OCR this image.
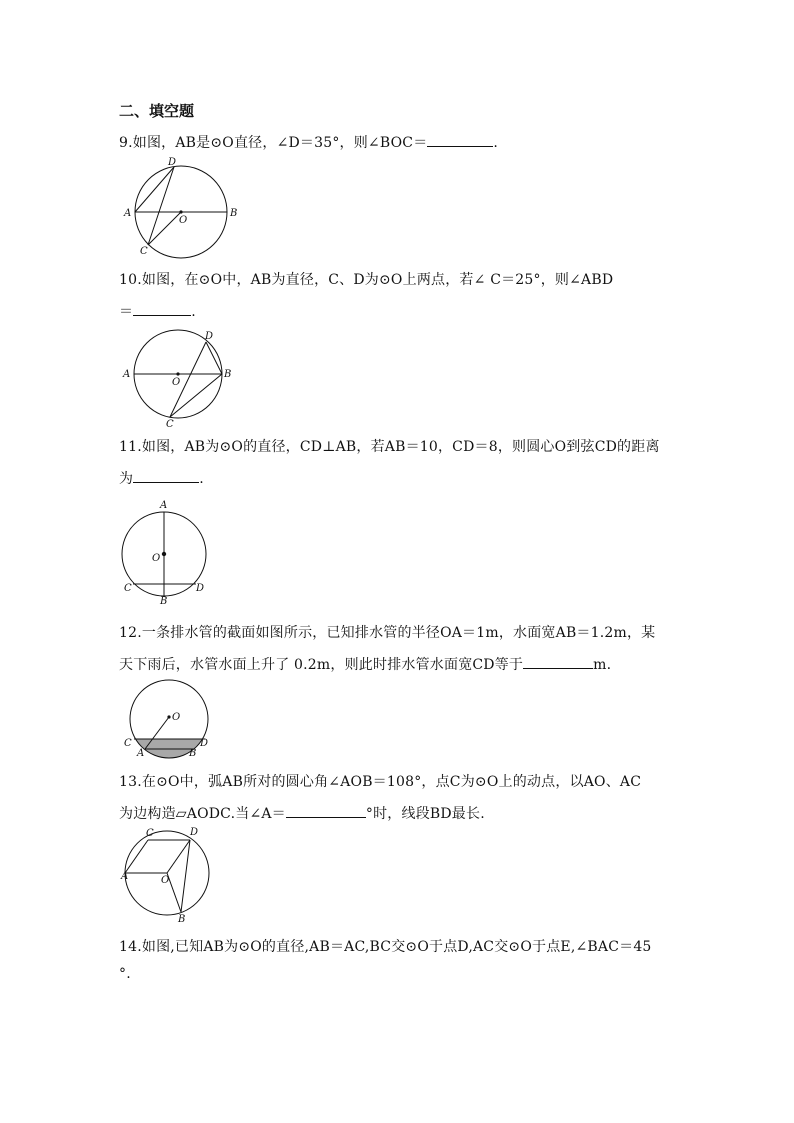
二、填空题
9.如图，AB是⊙O直径，∠D＝35°，则∠BOC＝	.
D
A
O
B
C
10.如图，在⊙O中，AB为直径，C、D为⊙O上两点，若∠ C＝25°，则∠ABD
＝	.
D
A
O
B
C
11.如图，AB为⊙O的直径，CD⊥AB，若AB＝10，CD＝8，则圆心O到弦CD的距离
为	.
A
O
C	D
B
12.一条排水管的截面如图所示，已知排水管的半径OA＝1m，水面宽AB＝1.2m，某
天下雨后，水管水面上升了 0.2m，则此时排水管水面宽CD等于	m.
O
C
A	B
D
13.在⊙O中，弧AB所对的圆心角∠AOB＝108°，点C为⊙O上的动点，以AO、AC
为边构造▱AODC.当∠A＝	°时，线段BD最长.
C	D
A	O
B
14.如图,已知AB为⊙O的直径,AB＝AC,BC交⊙O于点D,AC交⊙O于点E,∠BAC＝45
°.
